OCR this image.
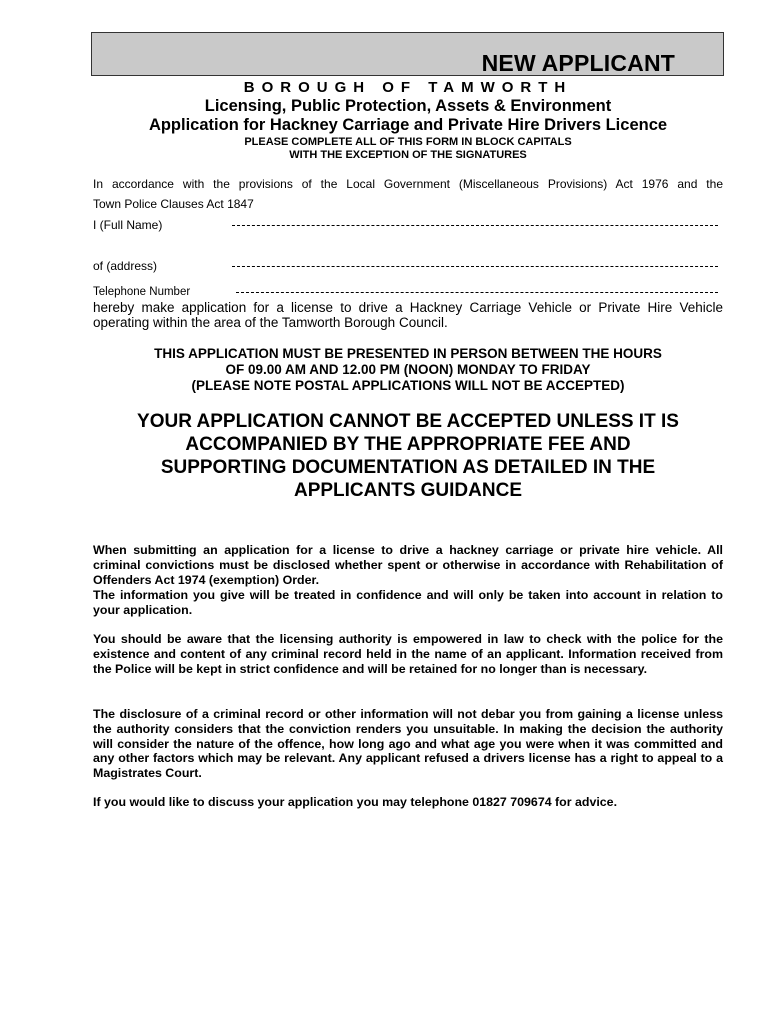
NEW APPLICANT
BOROUGH OF TAMWORTH
Licensing, Public Protection, Assets & Environment
Application for Hackney Carriage and Private Hire Drivers Licence
PLEASE COMPLETE ALL OF THIS FORM IN BLOCK CAPITALS
WITH THE EXCEPTION OF THE SIGNATURES
In accordance with the provisions of the Local Government (Miscellaneous Provisions) Act 1976 and the
Town Police Clauses Act 1847
I (Full Name)
of (address)
Telephone Number
hereby make application for a license to drive a Hackney Carriage Vehicle or Private Hire Vehicle operating within the area of the Tamworth Borough Council.
THIS APPLICATION MUST BE PRESENTED IN PERSON BETWEEN THE HOURS
OF 09.00 AM AND 12.00 PM (NOON) MONDAY TO FRIDAY
(PLEASE NOTE POSTAL APPLICATIONS WILL NOT BE ACCEPTED)
YOUR APPLICATION CANNOT BE ACCEPTED UNLESS IT IS
ACCOMPANIED BY THE APPROPRIATE FEE AND
SUPPORTING DOCUMENTATION AS DETAILED IN THE
APPLICANTS GUIDANCE
When submitting an application for a license to drive a hackney carriage or private hire vehicle. All criminal convictions must be disclosed whether spent or otherwise in accordance with Rehabilitation of Offenders Act 1974 (exemption) Order.
The information you give will be treated in confidence and will only be taken into account in relation to your application.
You should be aware that the licensing authority is empowered in law to check with the police for the existence and content of any criminal record held in the name of an applicant. Information received from the Police will be kept in strict confidence and will be retained for no longer than is necessary.
The disclosure of a criminal record or other information will not debar you from gaining a license unless the authority considers that the conviction renders you unsuitable. In making the decision the authority will consider the nature of the offence, how long ago and what age you were when it was committed and any other factors which may be relevant. Any applicant refused a drivers license has a right to appeal to a Magistrates Court.
If you would like to discuss your application you may telephone 01827 709674 for advice.
